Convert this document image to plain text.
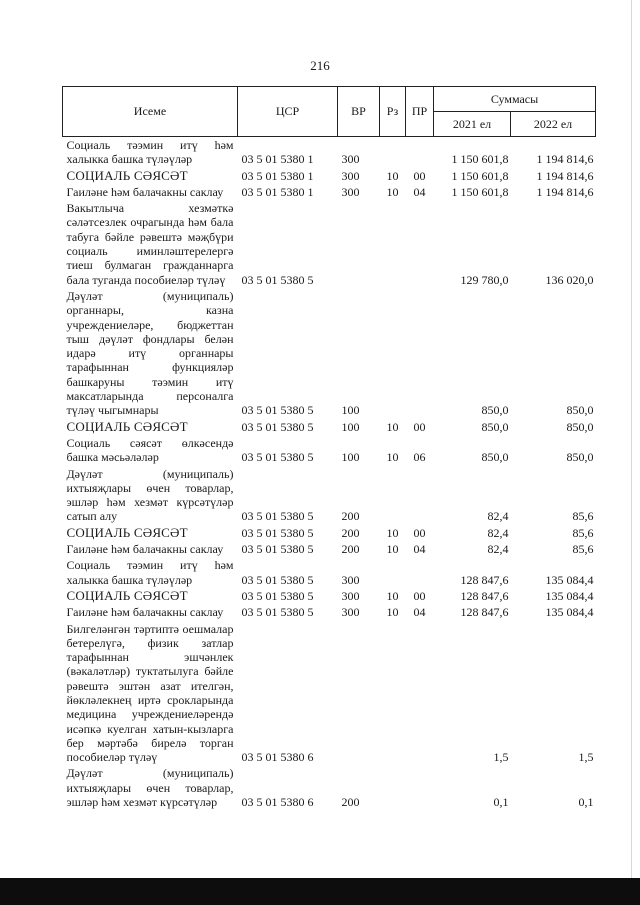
216
Исеме	ЦСР	ВР	Рз	ПР	Суммасы	
					2021 ел	2022 ел
Социаль тәэмин итү һәм халыкка башка түләүләр	03 5 01 5380 1	300			1 150 601,8	1 194 814,6
СОЦИАЛЬ СӘЯСӘТ	03 5 01 5380 1	300	10	00	1 150 601,8	1 194 814,6
Гаиләне һәм балачакны саклау	03 5 01 5380 1	300	10	04	1 150 601,8	1 194 814,6
Вакытлыча хезмәткә сәләтсезлек очрагында һәм бала табуга бәйле рәвештә мәҗбүри социаль иминләштерелергә тиеш булмаган гражданнарга бала туганда пособиеләр түләү	03 5 01 5380 5				129 780,0	136 020,0
Дәүләт (муниципаль) органнары, казна учреждениеләре, бюджеттан тыш дәүләт фондлары белән идарә итү органнары тарафыннан функцияләр башкаруны тәэмин итү максатларында персоналга түләү чыгымнары	03 5 01 5380 5	100			850,0	850,0
СОЦИАЛЬ СӘЯСӘТ	03 5 01 5380 5	100	10	00	850,0	850,0
Социаль сәясәт өлкәсендә башка мәсьәләләр	03 5 01 5380 5	100	10	06	850,0	850,0
Дәүләт (муниципаль) ихтыяҗлары өчен товарлар, эшләр һәм хезмәт күрсәтүләр сатып алу	03 5 01 5380 5	200			82,4	85,6
СОЦИАЛЬ СӘЯСӘТ	03 5 01 5380 5	200	10	00	82,4	85,6
Гаиләне һәм балачакны саклау	03 5 01 5380 5	200	10	04	82,4	85,6
Социаль тәэмин итү һәм халыкка башка түләүләр	03 5 01 5380 5	300			128 847,6	135 084,4
СОЦИАЛЬ СӘЯСӘТ	03 5 01 5380 5	300	10	00	128 847,6	135 084,4
Гаиләне һәм балачакны саклау	03 5 01 5380 5	300	10	04	128 847,6	135 084,4
Билгеләнгән тәртиптә оешмалар бетерелүгә, физик затлар тарафыннан эшчәнлек (вәкаләтләр) туктатылуга бәйле рәвештә эштән азат ителгән, йөкләлекнең иртә срокларында медицина учреждениеләрендә исәпкә куелган хатын-кызларга бер мәртәбә бирелә торган пособиеләр түләү	03 5 01 5380 6				1,5	1,5
Дәүләт (муниципаль) ихтыяҗлары өчен товарлар, эшләр һәм хезмәт күрсәтүләр	03 5 01 5380 6	200			0,1	0,1
